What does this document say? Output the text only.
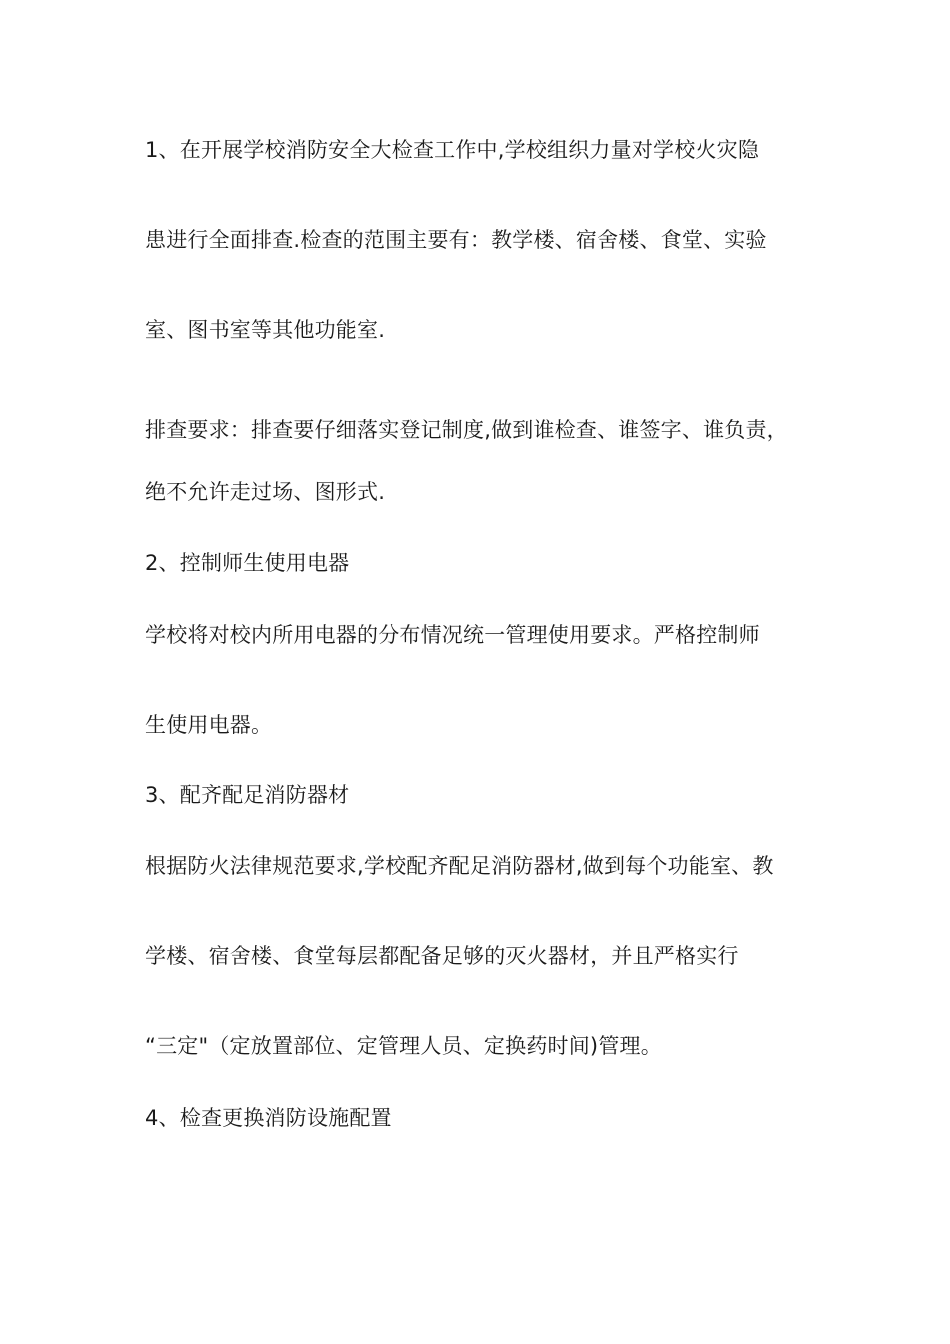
1、在开展学校消防安全大检查工作中,学校组织力量对学校火灾隐
患进行全面排查.检查的范围主要有：教学楼、宿舍楼、食堂、实验
室、图书室等其他功能室.
排查要求：排查要仔细落实登记制度,做到谁检查、谁签字、谁负责，
绝不允许走过场、图形式.
2、控制师生使用电器
学校将对校内所用电器的分布情况统一管理使用要求。严格控制师
生使用电器。
3、配齐配足消防器材
根据防火法律规范要求,学校配齐配足消防器材,做到每个功能室、教
学楼、宿舍楼、食堂每层都配备足够的灭火器材，并且严格实行
“三定"（定放置部位、定管理人员、定换药时间)管理。
4、检查更换消防设施配置
